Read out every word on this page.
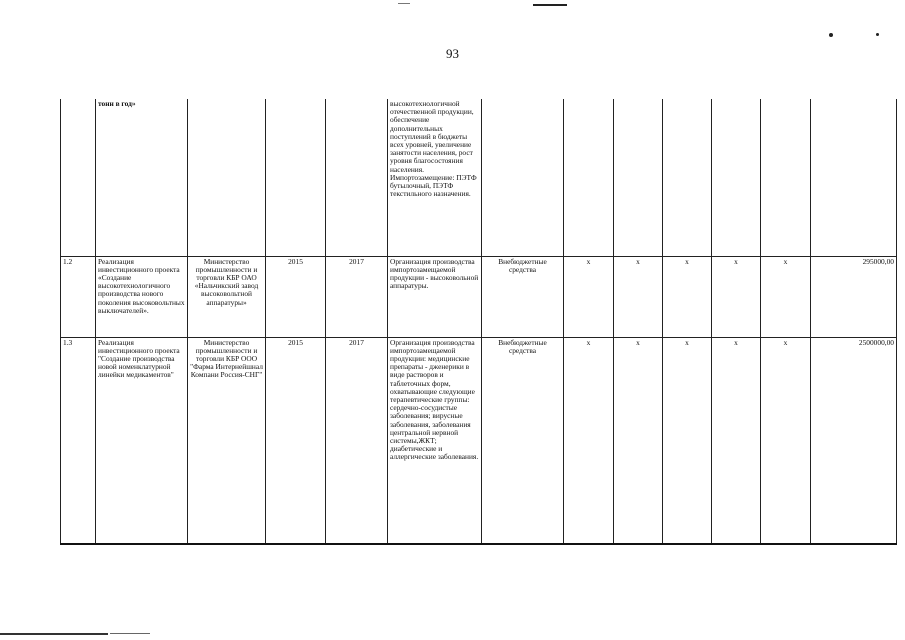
93
	тонн в год»				высокотехнологичной отечественной продукции, обеспечение дополнительных поступлений в бюджеты всех уровней, увеличение занятости населения, рост уровня благосостояния населения. Импортозамещение: ПЭТФ бутылочный, ПЭТФ текстильного назначения.							
1.2	Реализация инвестиционного проекта «Создание высокотехнологичного производства нового поколения высоковольтных выключателей».	Министерство промышленности и торговли КБР ОАО «Нальчикский завод высоковольтной аппаратуры»	2015	2017	Организация производства импортозамещаемой продукции - высоковольной аппаратуры.	Внебюджетные средства	x	x	x	x	x	295000,00
1.3	Реализация инвестиционного проекта "Создание производства новой номенклатурной линейки медикаментов"	Министерство промышленности и торговли КБР ООО "Фарма Интернейшнал Компани Россия-СНГ"	2015	2017	Организация производства импортозамещаемой продукции: медицинские препараты - дженерики в виде растворов и таблеточных форм, охватывающие следующие терапевтические группы: сердечно-сосудистые заболевания; вирусные заболевания, заболевания центральной нервной системы,ЖКТ; диабетические и аллергические заболевания.	Внебюджетные средства	x	x	x	x	x	2500000,00
